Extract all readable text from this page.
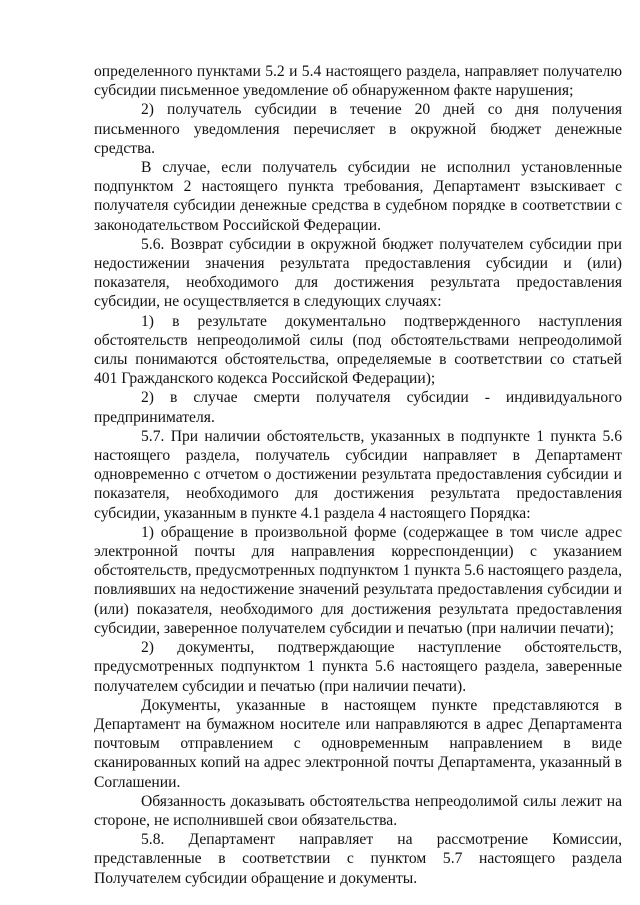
определенного пунктами 5.2 и 5.4 настоящего раздела, направляет получателю субсидии письменное уведомление об обнаруженном факте нарушения;

2) получатель субсидии в течение 20 дней со дня получения письменного уведомления перечисляет в окружной бюджет денежные средства.

В случае, если получатель субсидии не исполнил установленные подпунктом 2 настоящего пункта требования, Департамент взыскивает с получателя субсидии денежные средства в судебном порядке в соответствии с законодательством Российской Федерации.

5.6. Возврат субсидии в окружной бюджет получателем субсидии при недостижении значения результата предоставления субсидии и (или) показателя, необходимого для достижения результата предоставления субсидии, не осуществляется в следующих случаях:

1) в результате документально подтвержденного наступления обстоятельств непреодолимой силы (под обстоятельствами непреодолимой силы понимаются обстоятельства, определяемые в соответствии со статьей 401 Гражданского кодекса Российской Федерации);

2) в случае смерти получателя субсидии - индивидуального предпринимателя.

5.7. При наличии обстоятельств, указанных в подпункте 1 пункта 5.6 настоящего раздела, получатель субсидии направляет в Департамент одновременно с отчетом о достижении результата предоставления субсидии и показателя, необходимого для достижения результата предоставления субсидии, указанным в пункте 4.1 раздела 4 настоящего Порядка:

1) обращение в произвольной форме (содержащее в том числе адрес электронной почты для направления корреспонденции) с указанием обстоятельств, предусмотренных подпунктом 1 пункта 5.6 настоящего раздела, повлиявших на недостижение значений результата предоставления субсидии и (или) показателя, необходимого для достижения результата предоставления субсидии, заверенное получателем субсидии и печатью (при наличии печати);

2) документы, подтверждающие наступление обстоятельств, предусмотренных подпунктом 1 пункта 5.6 настоящего раздела, заверенные получателем субсидии и печатью (при наличии печати).

Документы, указанные в настоящем пункте представляются в Департамент на бумажном носителе или направляются в адрес Департамента почтовым отправлением с одновременным направлением в виде сканированных копий на адрес электронной почты Департамента, указанный в Соглашении.

Обязанность доказывать обстоятельства непреодолимой силы лежит на стороне, не исполнившей свои обязательства.

5.8. Департамент направляет на рассмотрение Комиссии, представленные в соответствии с пунктом 5.7 настоящего раздела Получателем субсидии обращение и документы.
